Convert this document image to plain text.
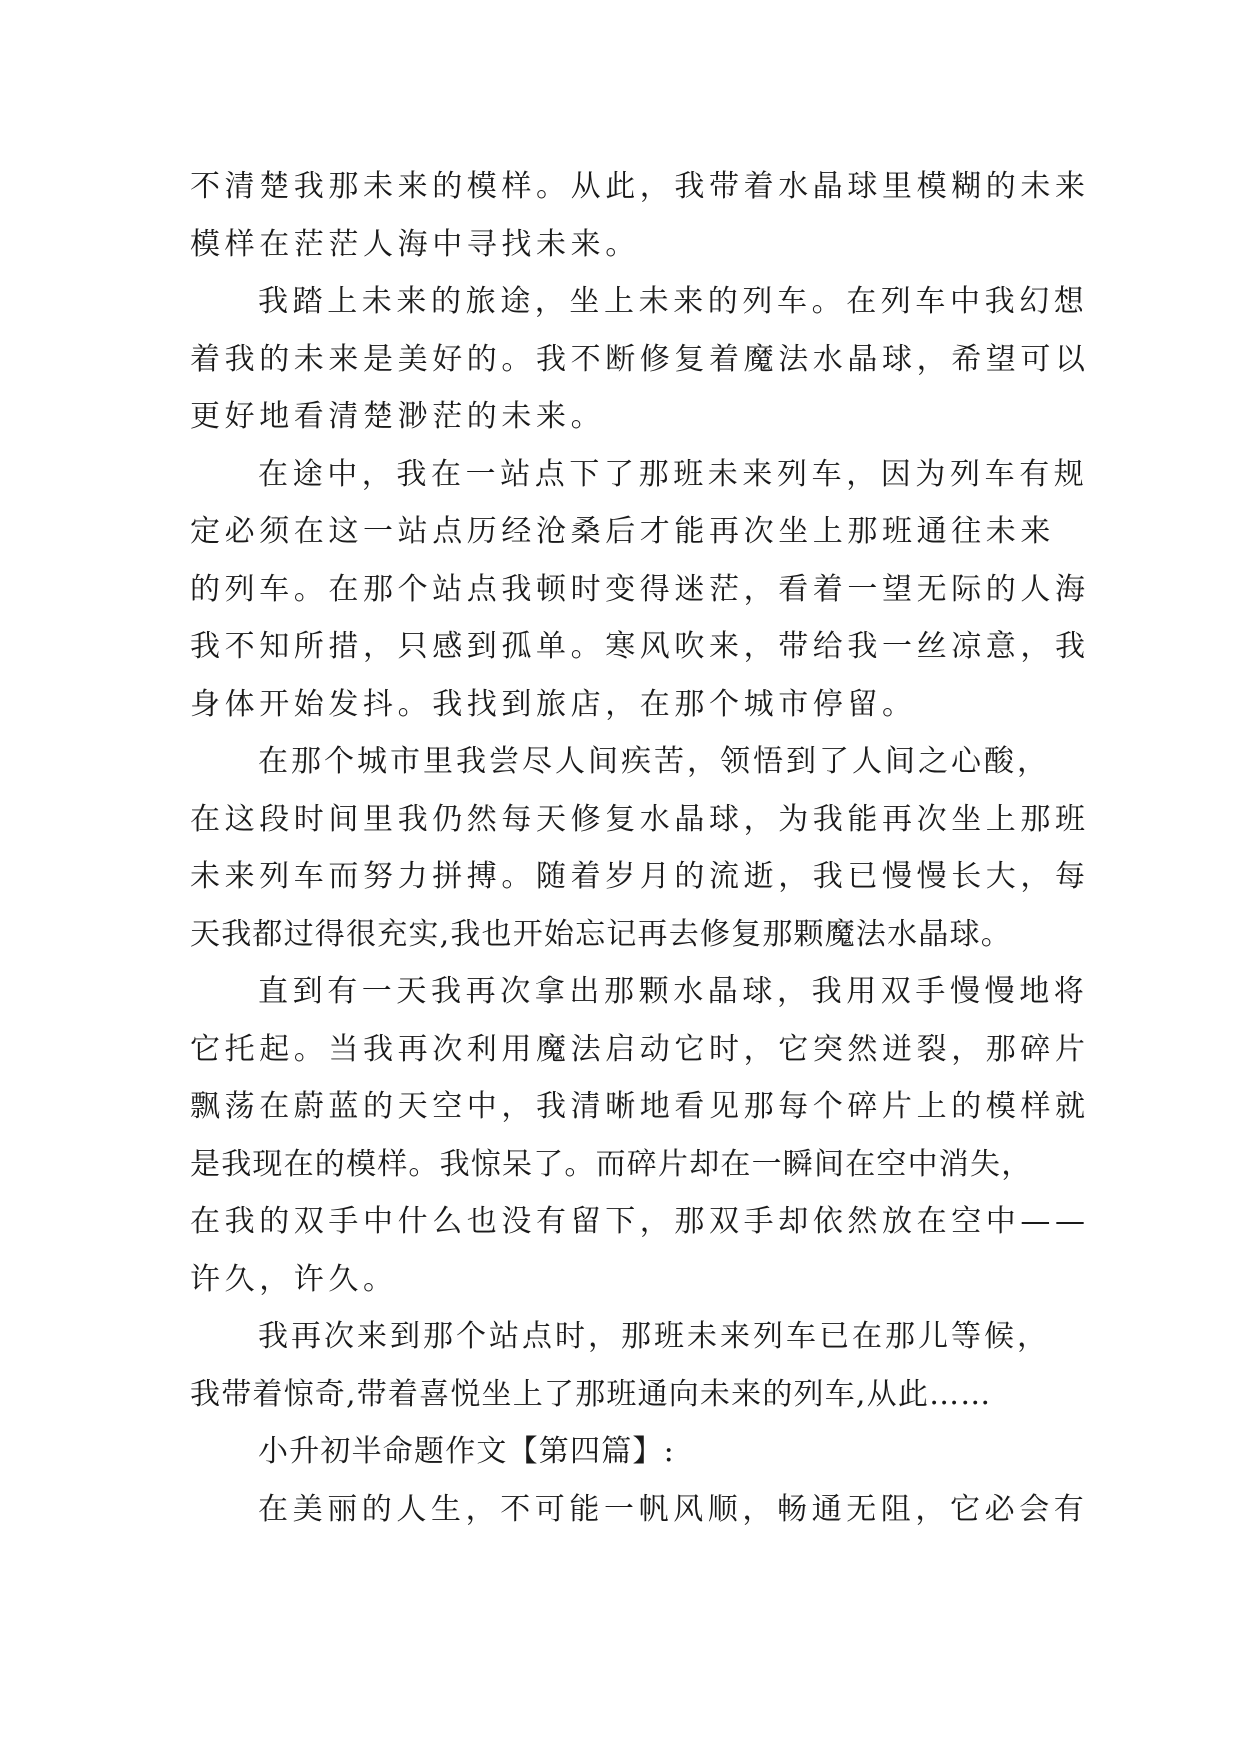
不清楚我那未来的模样。从此，我带着水晶球里模糊的未来
模样在茫茫人海中寻找未来。
我踏上未来的旅途，坐上未来的列车。在列车中我幻想
着我的未来是美好的。我不断修复着魔法水晶球，希望可以
更好地看清楚渺茫的未来。
在途中，我在一站点下了那班未来列车，因为列车有规
定必须在这一站点历经沧桑后才能再次坐上那班通往未来
的列车。在那个站点我顿时变得迷茫，看着一望无际的人海
我不知所措，只感到孤单。寒风吹来，带给我一丝凉意，我
身体开始发抖。我找到旅店，在那个城市停留。
在那个城市里我尝尽人间疾苦，领悟到了人间之心酸，
在这段时间里我仍然每天修复水晶球，为我能再次坐上那班
未来列车而努力拼搏。随着岁月的流逝，我已慢慢长大，每
天我都过得很充实,我也开始忘记再去修复那颗魔法水晶球。
直到有一天我再次拿出那颗水晶球，我用双手慢慢地将
它托起。当我再次利用魔法启动它时，它突然迸裂，那碎片
飘荡在蔚蓝的天空中，我清晰地看见那每个碎片上的模样就
是我现在的模样。我惊呆了。而碎片却在一瞬间在空中消失，
在我的双手中什么也没有留下，那双手却依然放在空中——
许久，许久。
我再次来到那个站点时，那班未来列车已在那儿等候，
我带着惊奇,带着喜悦坐上了那班通向未来的列车,从此……
小升初半命题作文【第四篇】:
在美丽的人生，不可能一帆风顺，畅通无阻，它必会有
